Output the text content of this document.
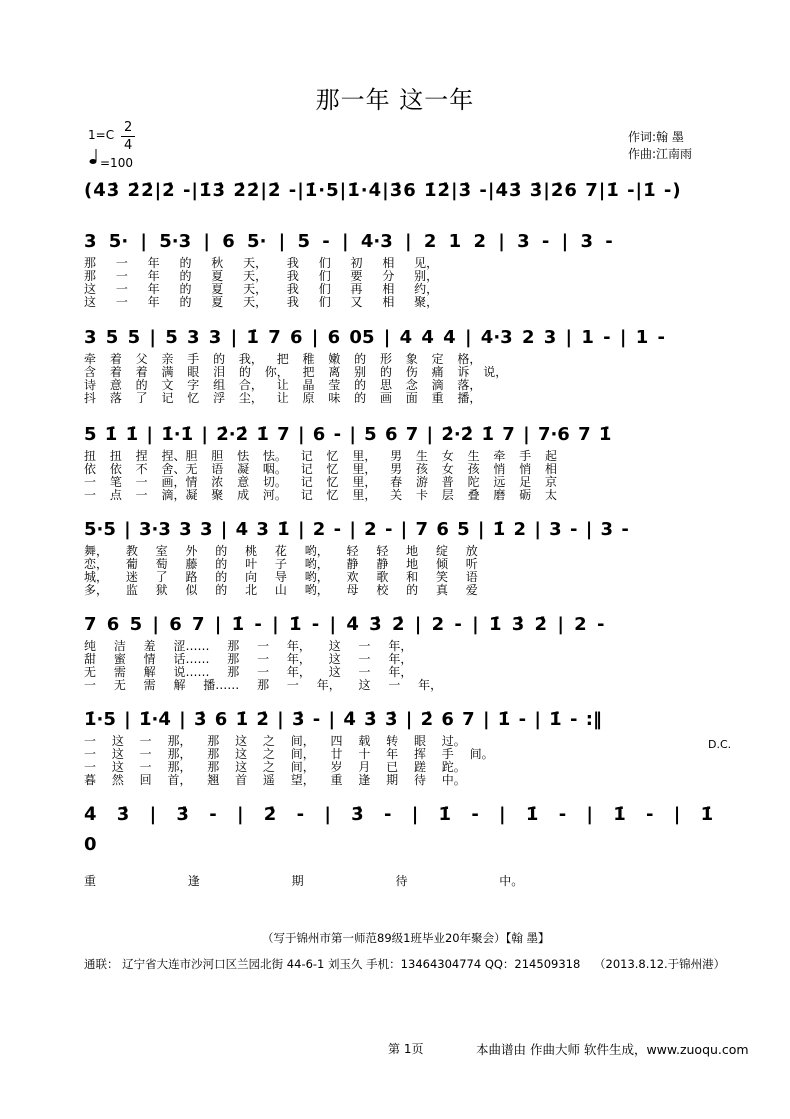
那一年 这一年
1=C 2
4
=100
作词:翰 墨
作曲:江南雨
(4̇3̇ 2̇2̇|2̇ -|1̇3̇ 2̇2̇|2̇ -|1̇·5|1̇·4̇|3̇6 1̇2̇|3̇ -|4̇3̇ 3̇|2̇6 7|1̇ -|1̇ -)
3 5· | 5·3 | 6 5· | 5 - | 4·3 | 2 1 2 | 3 - | 3 -
那 一 年 的 秋 天， 我 们 初 相 见，
那 一 年 的 夏 天， 我 们 要 分 别，
这 一 年 的 夏 天， 我 们 再 相 约，
这 一 年 的 夏 天， 我 们 又 相 聚，
3 5 5 | 5 3 3 | 1̇ 7 6 | 6 05 | 4 4 4 | 4·3 2 3 | 1 - | 1 -
牵 着 父 亲 手 的 我， 把 稚 嫩 的 形 象 定 格，
含 着 着 满 眼 泪 的 你， 把 离 别 的 伤 痛 诉 说，
诗 意 的 文 字 组 合， 让 晶 莹 的 思 念 滴 落，
抖 落 了 记 忆 浮 尘， 让 原 味 的 画 面 重 播，
5 1̇ 1̇ | 1̇·1̇ | 2̇·2̇ 1̇ 7 | 6 - | 5 6 7 | 2̇·2̇ 1̇ 7 | 7·6 7 1̇
扭 扭 捏 捏、胆 胆 怯 怯。 记 忆 里， 男 生 女 生 牵 手 起
依 依 不 舍、无 语 凝 咽。 记 忆 里， 男 孩 女 孩 悄 悄 相
一 笔 一 画，情 浓 意 切。 记 忆 里， 春 游 普 陀 远 足 京
一 点 一 滴，凝 聚 成 河。 记 忆 里， 关 卡 层 叠 磨 砺 太
5·5 | 3·3 3 3 | 4 3 1̇ | 2 - | 2 - | 7 6 5 | 1̇ 2 | 3 - | 3 -
舞， 教 室 外 的 桃 花 哟， 轻 轻 地 绽 放
恋， 葡 萄 藤 的 叶 子 哟， 静 静 地 倾 听
城， 迷 了 路 的 向 导 哟， 欢 歌 和 笑 语
多， 监 狱 似 的 北 山 哟， 母 校 的 真 爱
7 6 5 | 6 7 | 1̇ - | 1̇ - | 4̇ 3̇ 2̇ | 2 - | 1̇ 3̇ 2̇ | 2 -
纯 洁 羞 涩…… 那 一 年， 这 一 年，
甜 蜜 情 话…… 那 一 年， 这 一 年，
无 需 解 说…… 那 一 年， 这 一 年，
一 无 需 解 播…… 那 一 年， 这 一 年，
1̇·5 | 1̇·4̇ | 3̇ 6 1̇ 2̇ | 3̇ - | 4̇ 3̇ 3̇ | 2̇ 6 7 | 1̇ - | 1̇ - :‖
一 这 一 那， 那 这 之 间， 四 载 转 眼 过。
一 这 一 那， 那 这 之 间， 廿 十 年 挥 手 间。
一 这 一 那， 那 这 之 间， 岁 月 已 蹉 跎。
暮 然 回 首， 翘 首 遥 望， 重 逢 期 待 中。
D.C.
4̇ 3̇ | 3̇ - | 2̇ - | 3̇ - | 1̇ - | 1̇ - | 1̇ - | 1̇ 0
重 逢 期 待 中。
（写于锦州市第一师范89级1班毕业20年聚会）【翰 墨】
通联： 辽宁省大连市沙河口区兰园北街 44-6-1 刘玉久 手机：13464304774 QQ：214509318 （2013.8.12.于锦州港）
第 1页	本曲谱由 作曲大师 软件生成，www.zuoqu.com
